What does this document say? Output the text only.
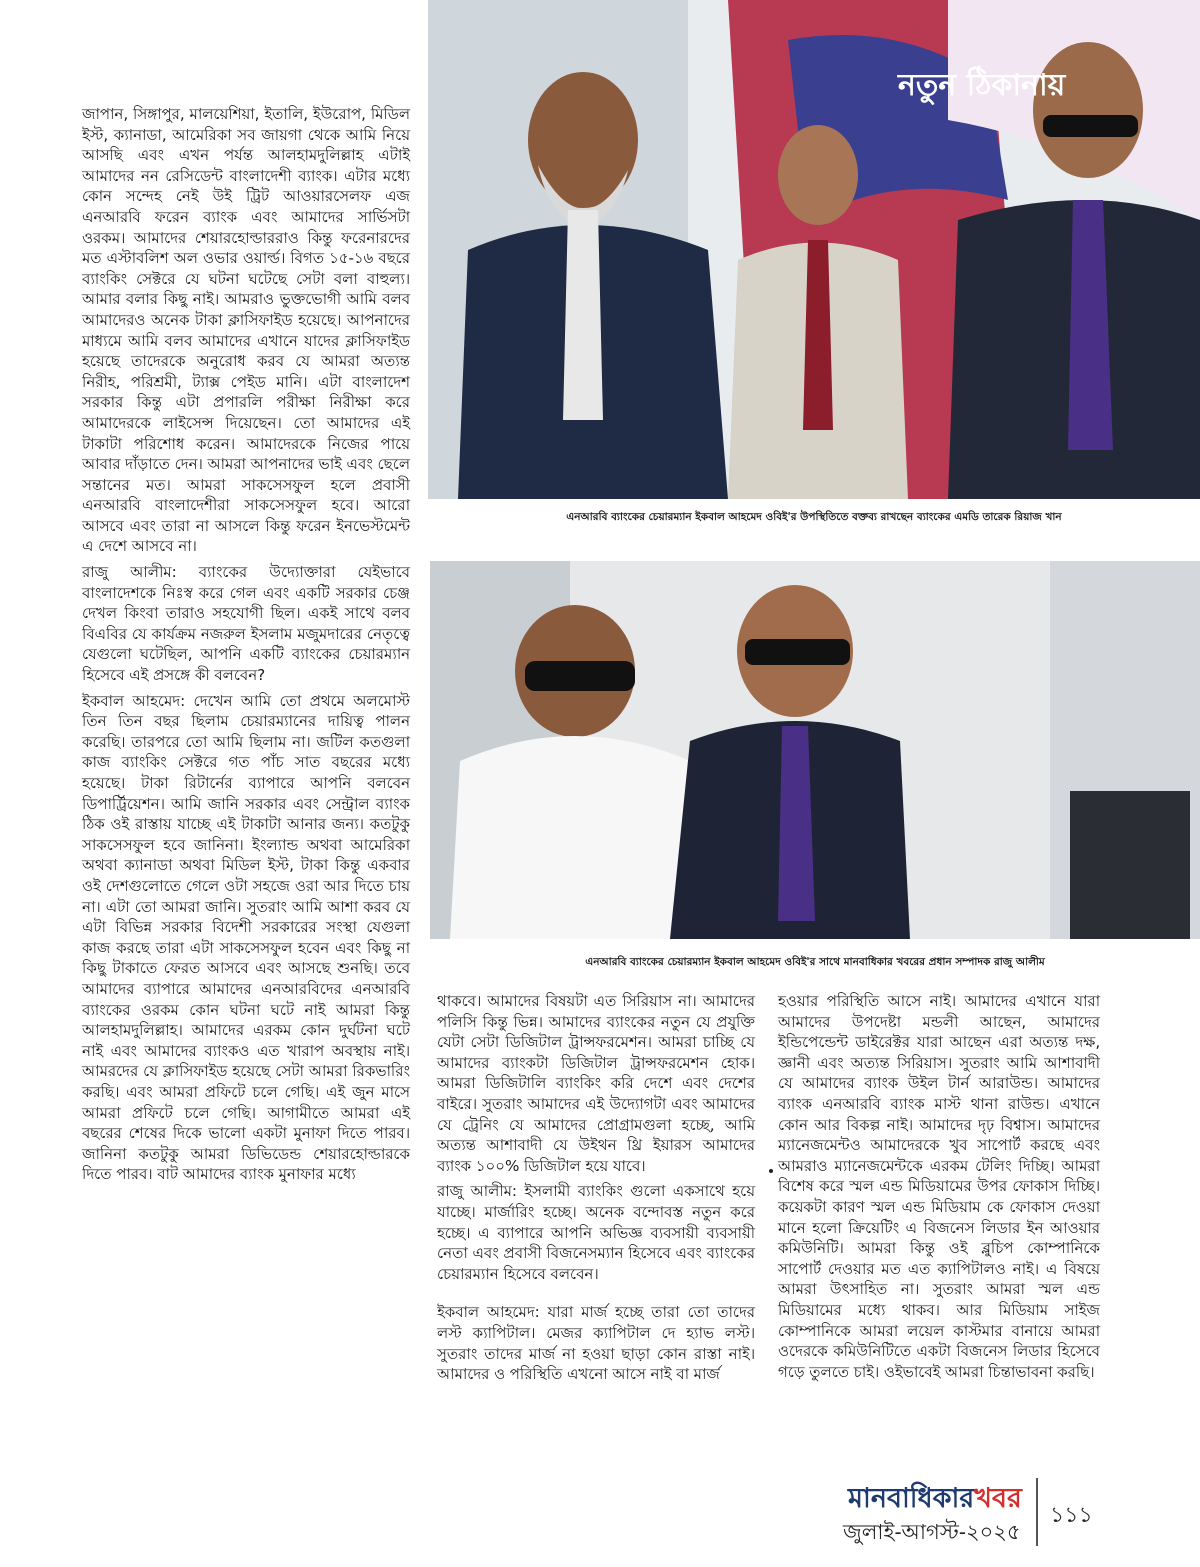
জাপান, সিঙ্গাপুর, মালয়েশিয়া, ইতালি, ইউরোপ, মিডিল ইস্ট, ক্যানাডা, আমেরিকা সব জায়গা থেকে আমি নিয়ে আসছি এবং এখন পর্যন্ত আলহামদুলিল্লাহ এটাই আমাদের নন রেসিডেন্ট বাংলাদেশী ব্যাংক। এটার মধ্যে কোন সন্দেহ নেই উই ট্রিট আওয়ারসেলফ এজ এনআরবি ফরেন ব্যাংক এবং আমাদের সার্ভিসটা ওরকম। আমাদের শেয়ারহোল্ডাররাও কিন্তু ফরেনারদের মত এস্টাবলিশ অল ওভার ওয়ার্ল্ড। বিগত ১৫-১৬ বছরে ব্যাংকিং সেক্টরে যে ঘটনা ঘটেছে সেটা বলা বাহুল্য। আমার বলার কিছু নাই। আমরাও ভুক্তভোগী আমি বলব আমাদেরও অনেক টাকা ক্লাসিফাইড হয়েছে। আপনাদের মাধ্যমে আমি বলব আমাদের এখানে যাদের ক্লাসিফাইড হয়েছে তাদেরকে অনুরোধ করব যে আমরা অত্যন্ত নিরীহ, পরিশ্রমী, ট্যাক্স পেইড মানি। এটা বাংলাদেশ সরকার কিন্তু এটা প্রপারলি পরীক্ষা নিরীক্ষা করে আমাদেরকে লাইসেন্স দিয়েছেন। তো আমাদের এই টাকাটা পরিশোধ করেন। আমাদেরকে নিজের পায়ে আবার দাঁড়াতে দেন। আমরা আপনাদের ভাই এবং ছেলে সন্তানের মত। আমরা সাকসেসফুল হলে প্রবাসী এনআরবি বাংলাদেশীরা সাকসেসফুল হবে। আরো আসবে এবং তারা না আসলে কিন্তু ফরেন ইনভেস্টমেন্ট এ দেশে আসবে না।

রাজু আলীম: ব্যাংকের উদ্যোক্তারা যেইভাবে বাংলাদেশকে নিঃস্ব করে গেল এবং একটি সরকার চেঞ্জ দেখল কিংবা তারাও সহযোগী ছিল। একই সাথে বলব বিএবির যে কার্যক্রম নজরুল ইসলাম মজুমদারের নেতৃত্বে যেগুলো ঘটেছিল, আপনি একটি ব্যাংকের চেয়ারম্যান হিসেবে এই প্রসঙ্গে কী বলবেন?

ইকবাল আহমেদ: দেখেন আমি তো প্রথমে অলমোস্ট তিন তিন বছর ছিলাম চেয়ারম্যানের দায়িত্ব পালন করেছি। তারপরে তো আমি ছিলাম না। জটিল কতগুলা কাজ ব্যাংকিং সেক্টরে গত পাঁচ সাত বছরের মধ্যে হয়েছে। টাকা রিটার্নের ব্যাপারে আপনি বলবেন ডিপার্ট্রিয়েশন। আমি জানি সরকার এবং সেন্ট্রাল ব্যাংক ঠিক ওই রাস্তায় যাচ্ছে এই টাকাটা আনার জন্য। কতটুকু সাকসেসফুল হবে জানিনা। ইংল্যান্ড অথবা আমেরিকা অথবা ক্যানাডা অথবা মিডিল ইস্ট, টাকা কিন্তু একবার ওই দেশগুলোতে গেলে ওটা সহজে ওরা আর দিতে চায় না। এটা তো আমরা জানি। সুতরাং আমি আশা করব যে এটা বিভিন্ন সরকার বিদেশী সরকারের সংস্থা যেগুলা কাজ করছে তারা এটা সাকসেসফুল হবেন এবং কিছু না কিছু টাকাতে ফেরত আসবে এবং আসছে শুনছি। তবে আমাদের ব্যাপারে আমাদের এনআরবিদের এনআরবি ব্যাংকের ওরকম কোন ঘটনা ঘটে নাই আমরা কিন্তু আলহামদুলিল্লাহ। আমাদের এরকম কোন দুর্ঘটনা ঘটে নাই এবং আমাদের ব্যাংকও এত খারাপ অবস্থায় নাই। আমরদের যে ক্লাসিফাইড হয়েছে সেটা আমরা রিকভারিং করছি। এবং আমরা প্রফিটে চলে গেছি। এই জুন মাসে আমরা প্রফিটে চলে গেছি। আগামীতে আমরা এই বছরের শেষের দিকে ভালো একটা মুনাফা দিতে পারব। জানিনা কতটুকু আমরা ডিভিডেন্ড শেয়ারহোল্ডারকে দিতে পারব। বাট আমাদের ব্যাংক মুনাফার মধ্যে

নতুন ঠিকানায়
এনআরবি ব্যাংকের চেয়ারম্যান ইকবাল আহমেদ ওবিই'র উপস্থিতিতে বক্তব্য রাখছেন ব্যাংকের এমডি তারেক রিয়াজ খান
এনআরবি ব্যাংকের চেয়ারম্যান ইকবাল আহমেদ ওবিই'র সাথে মানবাধিকার খবরের প্রধান সম্পাদক রাজু আলীম

থাকবে। আমাদের বিষয়টা এত সিরিয়াস না। আমাদের পলিসি কিন্তু ভিন্ন। আমাদের ব্যাংকের নতুন যে প্রযুক্তি যেটা সেটা ডিজিটাল ট্রান্সফরমেশন। আমরা চাচ্ছি যে আমাদের ব্যাংকটা ডিজিটাল ট্রান্সফরমেশন হোক। আমরা ডিজিটালি ব্যাংকিং করি দেশে এবং দেশের বাইরে। সুতরাং আমাদের এই উদ্যোগটা এবং আমাদের যে ট্রেনিং যে আমাদের প্রোগ্রামগুলা হচ্ছে, আমি অত্যন্ত আশাবাদী যে উইথন থ্রি ইয়ারস আমাদের ব্যাংক ১০০% ডিজিটাল হয়ে যাবে।

রাজু আলীম: ইসলামী ব্যাংকিং গুলো একসাথে হয়ে যাচ্ছে। মার্জারিং হচ্ছে। অনেক বন্দোবস্ত নতুন করে হচ্ছে। এ ব্যাপারে আপনি অভিজ্ঞ ব্যবসায়ী ব্যবসায়ী নেতা এবং প্রবাসী বিজনেসম্যান হিসেবে এবং ব্যাংকের চেয়ারম্যান হিসেবে বলবেন।

ইকবাল আহমেদ: যারা মার্জ হচ্ছে তারা তো তাদের লস্ট ক্যাপিটাল। মেজর ক্যাপিটাল দে হ্যাভ লস্ট। সুতরাং তাদের মার্জ না হওয়া ছাড়া কোন রাস্তা নাই। আমাদের ও পরিস্থিতি এখনো আসে নাই বা মার্জ

হওয়ার পরিস্থিতি আসে নাই। আমাদের এখানে যারা আমাদের উপদেষ্টা মন্ডলী আছেন, আমাদের ইন্ডিপেন্ডেন্ট ডাইরেক্টর যারা আছেন এরা অত্যন্ত দক্ষ, জ্ঞানী এবং অত্যন্ত সিরিয়াস। সুতরাং আমি আশাবাদী যে আমাদের ব্যাংক উইল টার্ন আরাউন্ড। আমাদের ব্যাংক এনআরবি ব্যাংক মাস্ট থানা রাউন্ড। এখানে কোন আর বিকল্প নাই। আমাদের দৃঢ় বিশ্বাস। আমাদের ম্যানেজমেন্টও আমাদেরকে খুব সাপোর্ট করছে এবং আমরাও ম্যানেজমেন্টকে এরকম টেলিং দিচ্ছি। আমরা বিশেষ করে স্মল এন্ড মিডিয়ামের উপর ফোকাস দিচ্ছি। কয়েকটা কারণ স্মল এন্ড মিডিয়াম কে ফোকাস দেওয়া মানে হলো ক্রিয়েটিং এ বিজনেস লিডার ইন আওয়ার কমিউনিটি। আমরা কিন্তু ওই ব্লুচিপ কোম্পানিকে সাপোর্ট দেওয়ার মত এত ক্যাপিটালও নাই। এ বিষয়ে আমরা উৎসাহিত না। সুতরাং আমরা স্মল এন্ড মিডিয়ামের মধ্যে থাকব। আর মিডিয়াম সাইজ কোম্পানিকে আমরা লয়েল কাস্টমার বানায়ে আমরা ওদেরকে কমিউনিটিতে একটা বিজনেস লিডার হিসেবে গড়ে তুলতে চাই। ওইভাবেই আমরা চিন্তাভাবনা করছি।

মানবাধিকারখবর
জুলাই-আগস্ট-২০২৫
১১১
